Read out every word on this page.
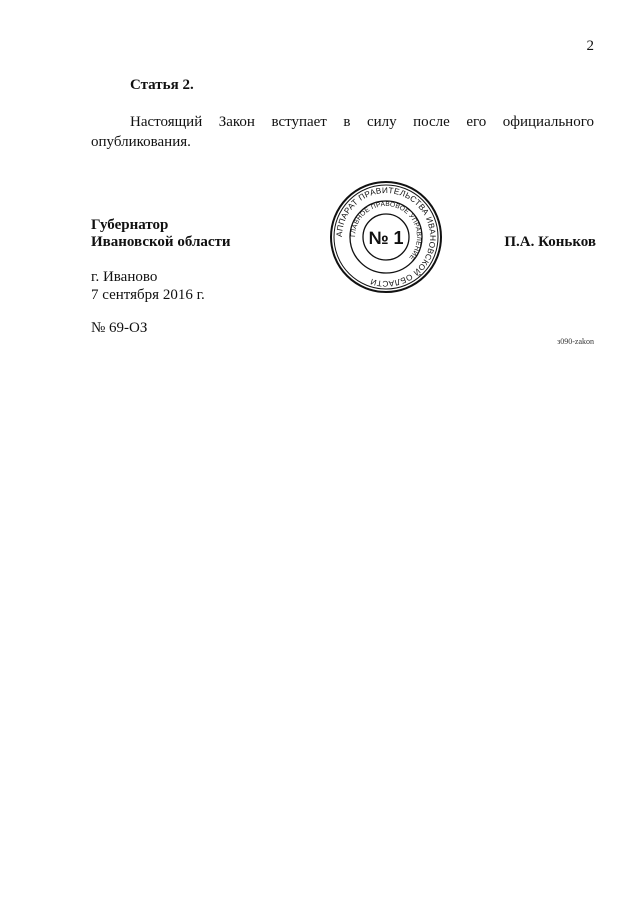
2
Статья 2.
Настоящий Закон вступает в силу после его официального опубликования.
Губернатор
Ивановской области	АППАРАТ ПРАВИТЕЛЬСТВА ИВАНОВСКОЙ ОБЛАСТИ
ГЛАВНОЕ ПРАВОВОЕ УПРАВЛЕНИЕ
№ 1	П.А. Коньков
г. Иваново
7 сентября 2016 г.
№ 69-ОЗ
з090-zakon
